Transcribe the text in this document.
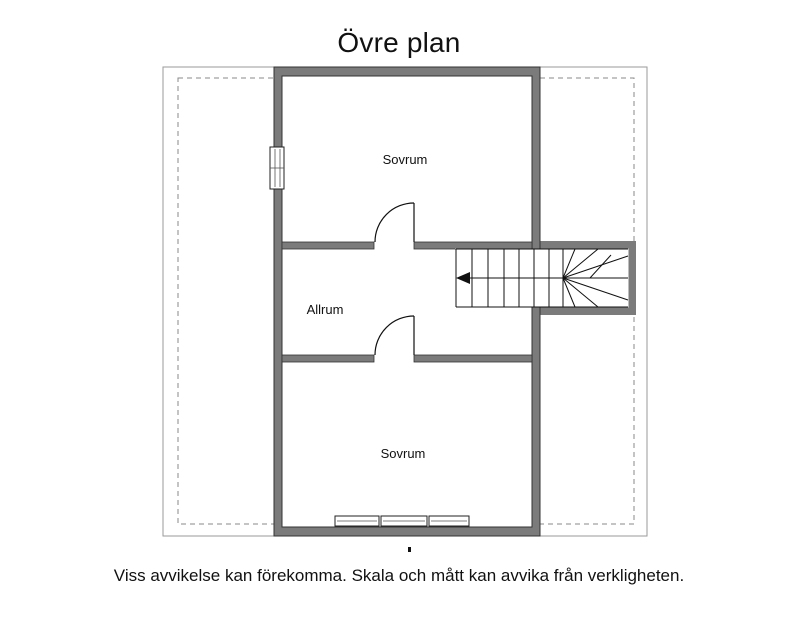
Övre plan
Sovrum
Allrum
Sovrum
Viss avvikelse kan förekomma. Skala och mått kan avvika från verkligheten.
